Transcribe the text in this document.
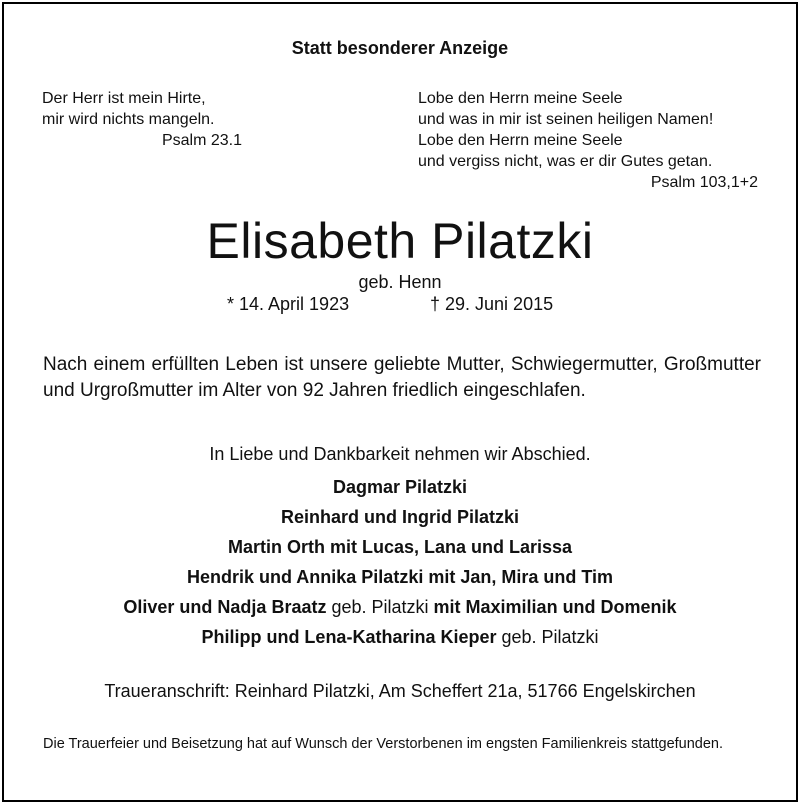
Statt besonderer Anzeige
Der Herr ist mein Hirte,
mir wird nichts mangeln.
Psalm 23.1
Lobe den Herrn meine Seele
und was in mir ist seinen heiligen Namen!
Lobe den Herrn meine Seele
und vergiss nicht, was er dir Gutes getan.
Psalm 103,1+2
Elisabeth Pilatzki
geb. Henn
* 14. April 1923	† 29. Juni 2015
Nach einem erfüllten Leben ist unsere geliebte Mutter, Schwiegermutter, Großmutter und Urgroßmutter im Alter von 92 Jahren friedlich eingeschlafen.
In Liebe und Dankbarkeit nehmen wir Abschied.
Dagmar Pilatzki
Reinhard und Ingrid Pilatzki
Martin Orth mit Lucas, Lana und Larissa
Hendrik und Annika Pilatzki mit Jan, Mira und Tim
Oliver und Nadja Braatz geb. Pilatzki mit Maximilian und Domenik
Philipp und Lena-Katharina Kieper geb. Pilatzki
Traueranschrift: Reinhard Pilatzki, Am Scheffert 21a, 51766 Engelskirchen
Die Trauerfeier und Beisetzung hat auf Wunsch der Verstorbenen im engsten Familienkreis stattgefunden.
